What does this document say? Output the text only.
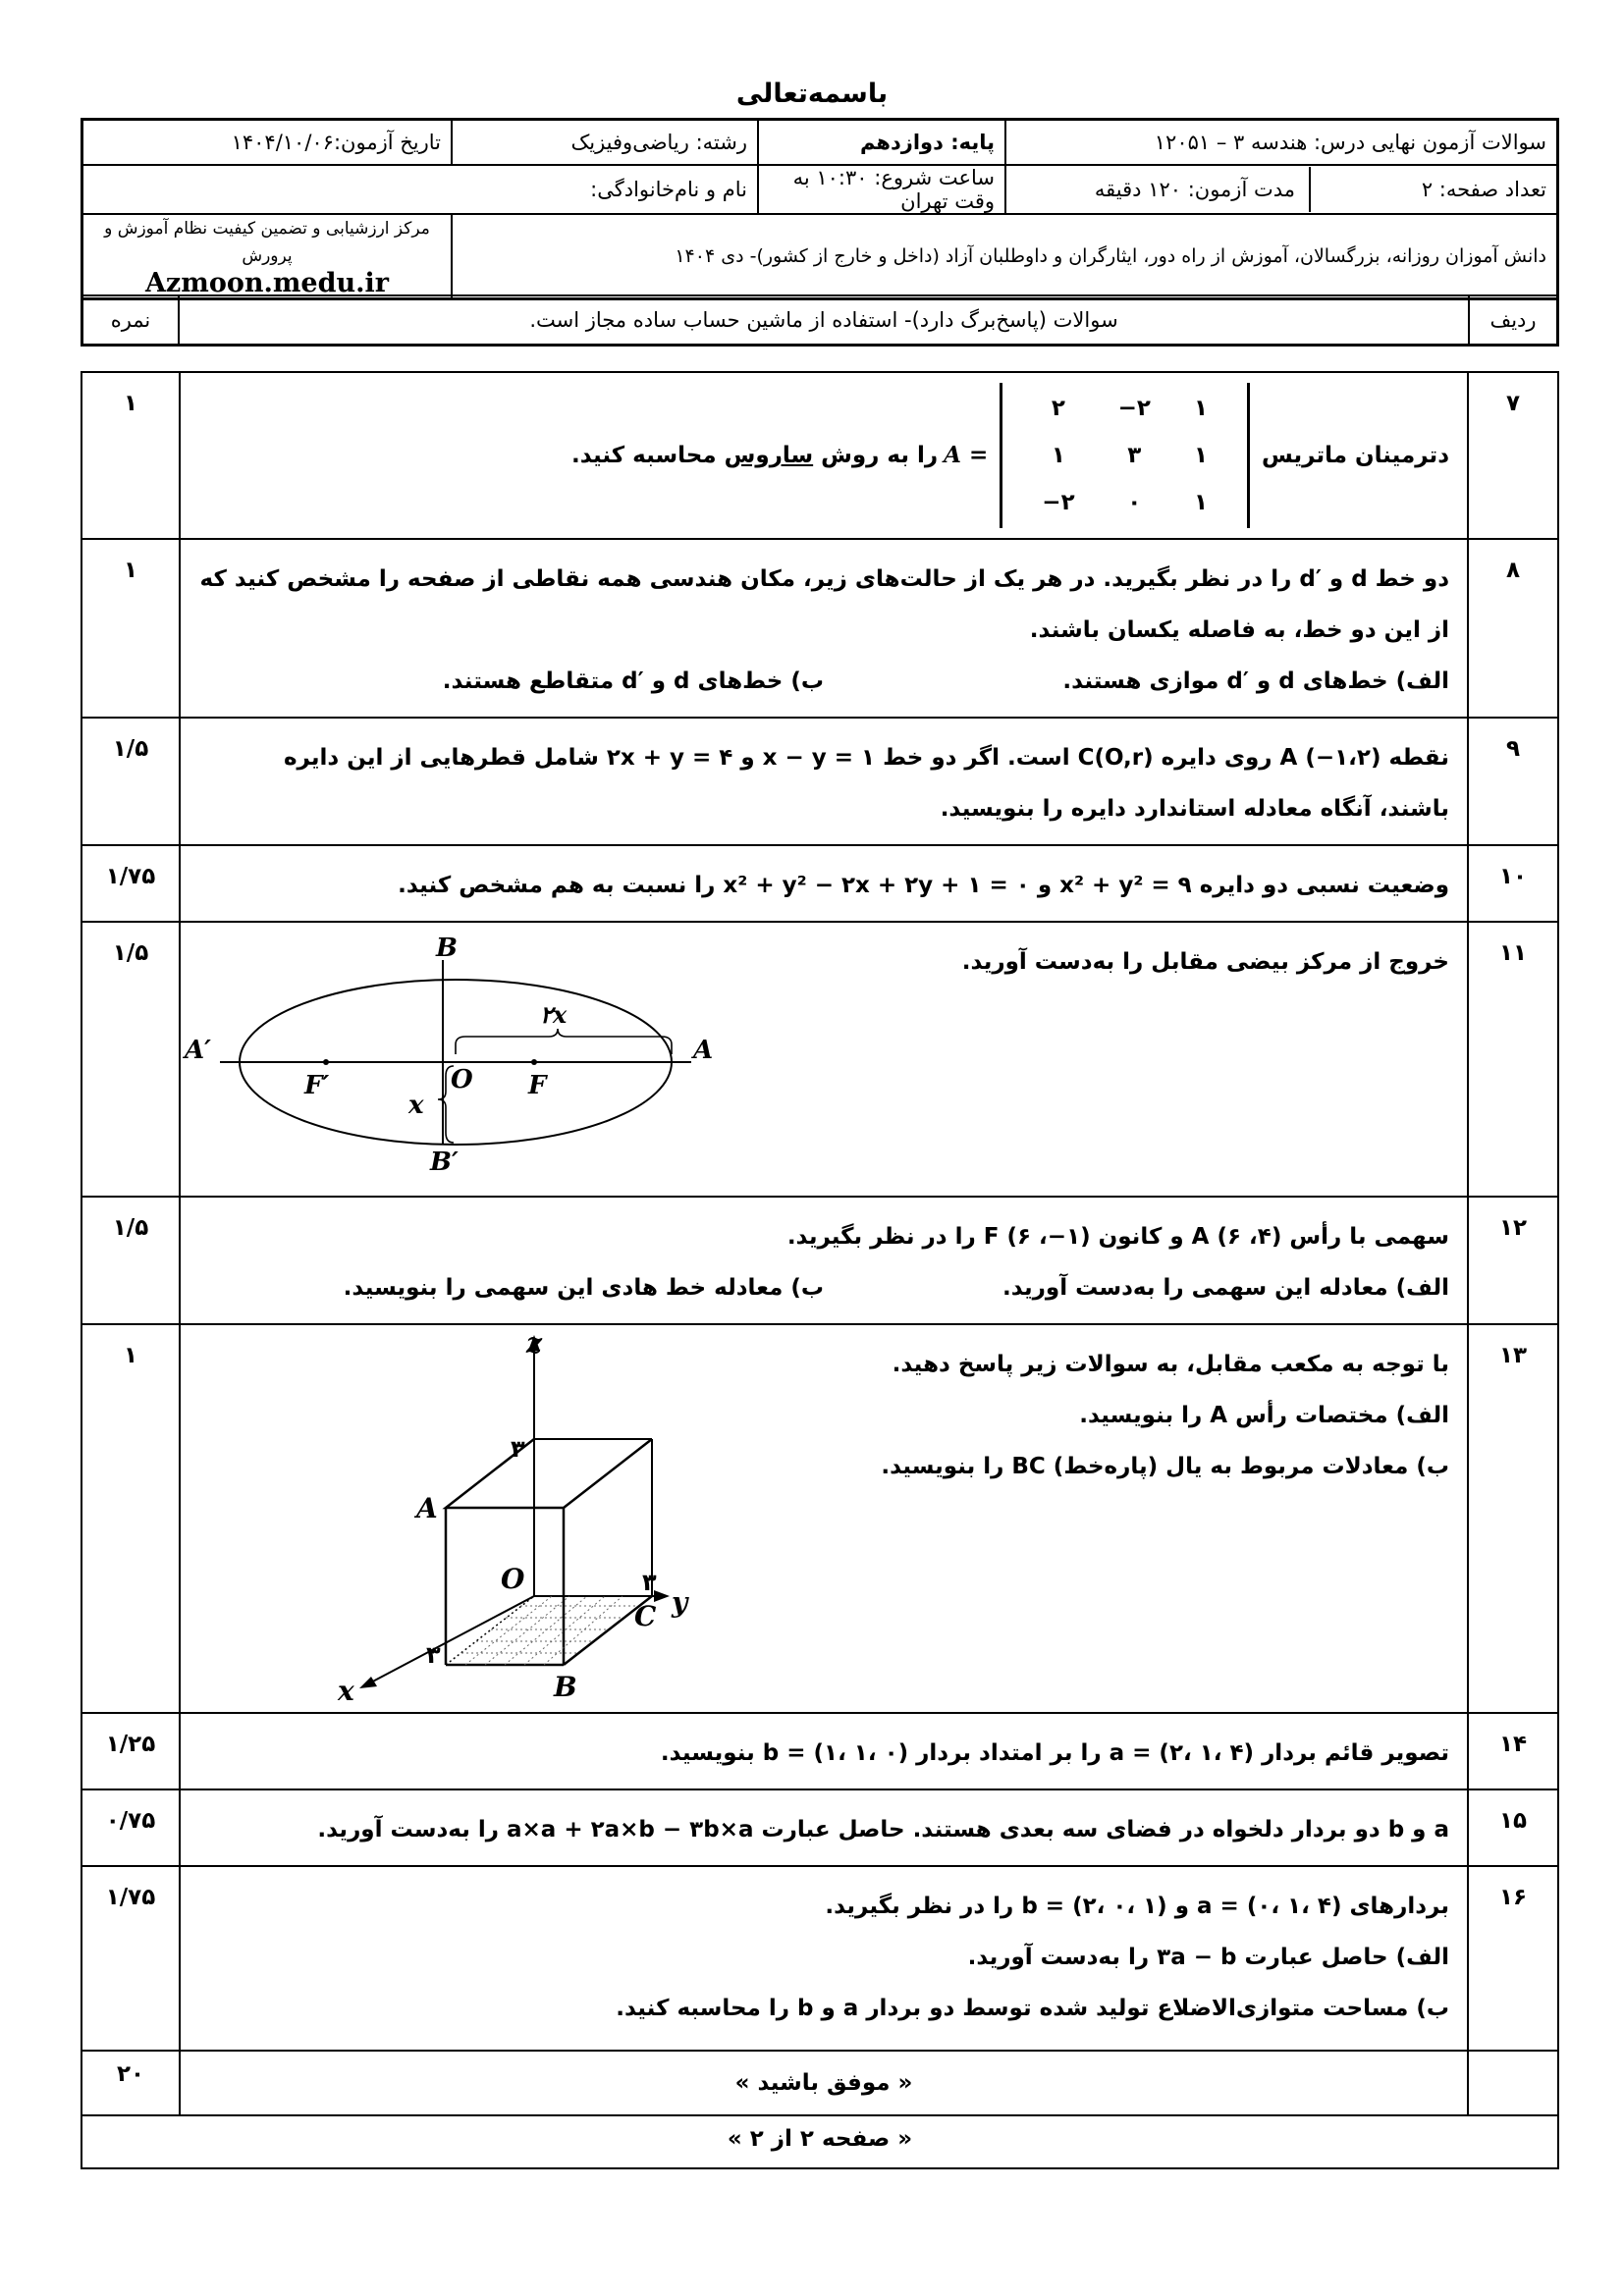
باسمه‌تعالی
سوالات آزمون نهایی درس: هندسه ۳ – ۱۲۰۵۱	پایه: دوازدهم	رشته: ریاضی‌وفیزیک	تاریخ آزمون:۱۴۰۴/۱۰/۰۶

تعداد صفحه: ۲
مدت آزمون: ۱۲۰ دقیقه	ساعت شروع: ۱۰:۳۰ به وقت تهران	نام و نام‌خانوادگی:	
دانش آموزان روزانه، بزرگسالان، آموزش از راه دور، ایثارگران و داوطلبان آزاد (داخل و خارج از کشور)- دی ۱۴۰۴			مرکز ارزشیابی و تضمین کیفیت نظام آموزش و پرورش
Azmoon.medu.ir
ردیف	سوالات (پاسخ‌برگ دارد)- استفاده از ماشین حساب ساده مجاز است.	نمره
۷	
دترمینان ماتریس
۱	۲−	۲
۱	۳	۱
۱	۰	۲−
A =
را به روش ساروس محاسبه کنید.
	۱
۸	
دو خط d و ′d را در نظر بگیرید. در هر یک از حالت‌های زیر، مکان هندسی همه نقاطی از صفحه را مشخص کنید که
از این دو خط، به فاصله یکسان باشند.
الف) خط‌های d و ′d موازی هستند.
ب) خط‌های d و ′d متقاطع هستند.
	۱
۹	
نقطه (۱،۲−) A روی دایره C(O,r) است. اگر دو خط x − y = ۱ و ۲x + y = ۴ شامل قطرهایی از این دایره
باشند، آنگاه معادله استاندارد دایره را بنویسید.
	۱/۵
۱۰	
وضعیت نسبی دو دایره x² + y² = ۹ و x² + y² − ۲x + ۲y + ۱ = ۰ را نسبت به هم مشخص کنید.
	۱/۷۵
۱۱	
خروج از مرکز بیضی مقابل را به‌دست آورید.
B
B′
A
A′
F
F′	O
x
۲x
	۱/۵
۱۲	
سهمی با رأس (۴، ۶) A و کانون (۱−، ۶) F را در نظر بگیرید.
الف) معادله این سهمی را به‌دست آورید.
ب) معادله خط هادی این سهمی را بنویسید.
	۱/۵
۱۳	
با توجه به مکعب مقابل، به سوالات زیر پاسخ دهید.
الف) مختصات رأس A را بنویسید.
ب) معادلات مربوط به یال (پاره‌خط) BC را بنویسید.
z
y
x
A
B
C
O
۳
۳
۳
	۱
۱۴	
تصویر قائم بردار a = (۲، ۱، ۴) را بر امتداد بردار b = (۱، ۱، ۰) بنویسید.
	۱/۲۵
۱۵	
a و b دو بردار دلخواه در فضای سه بعدی هستند. حاصل عبارت a×a + ۲a×b − ۳b×a را به‌دست آورید.
	۰/۷۵
۱۶	
بردارهای a = (۰، ۱، ۴) و b = (۲، ۰، ۱) را در نظر بگیرید.
الف) حاصل عبارت ۳a − b را به‌دست آورید.
ب) مساحت متوازی‌الاضلاع تولید شده توسط دو بردار a و b را محاسبه کنید.
	۱/۷۵
	« موفق باشید »	۲۰
« صفحه ۲ از ۲ »
